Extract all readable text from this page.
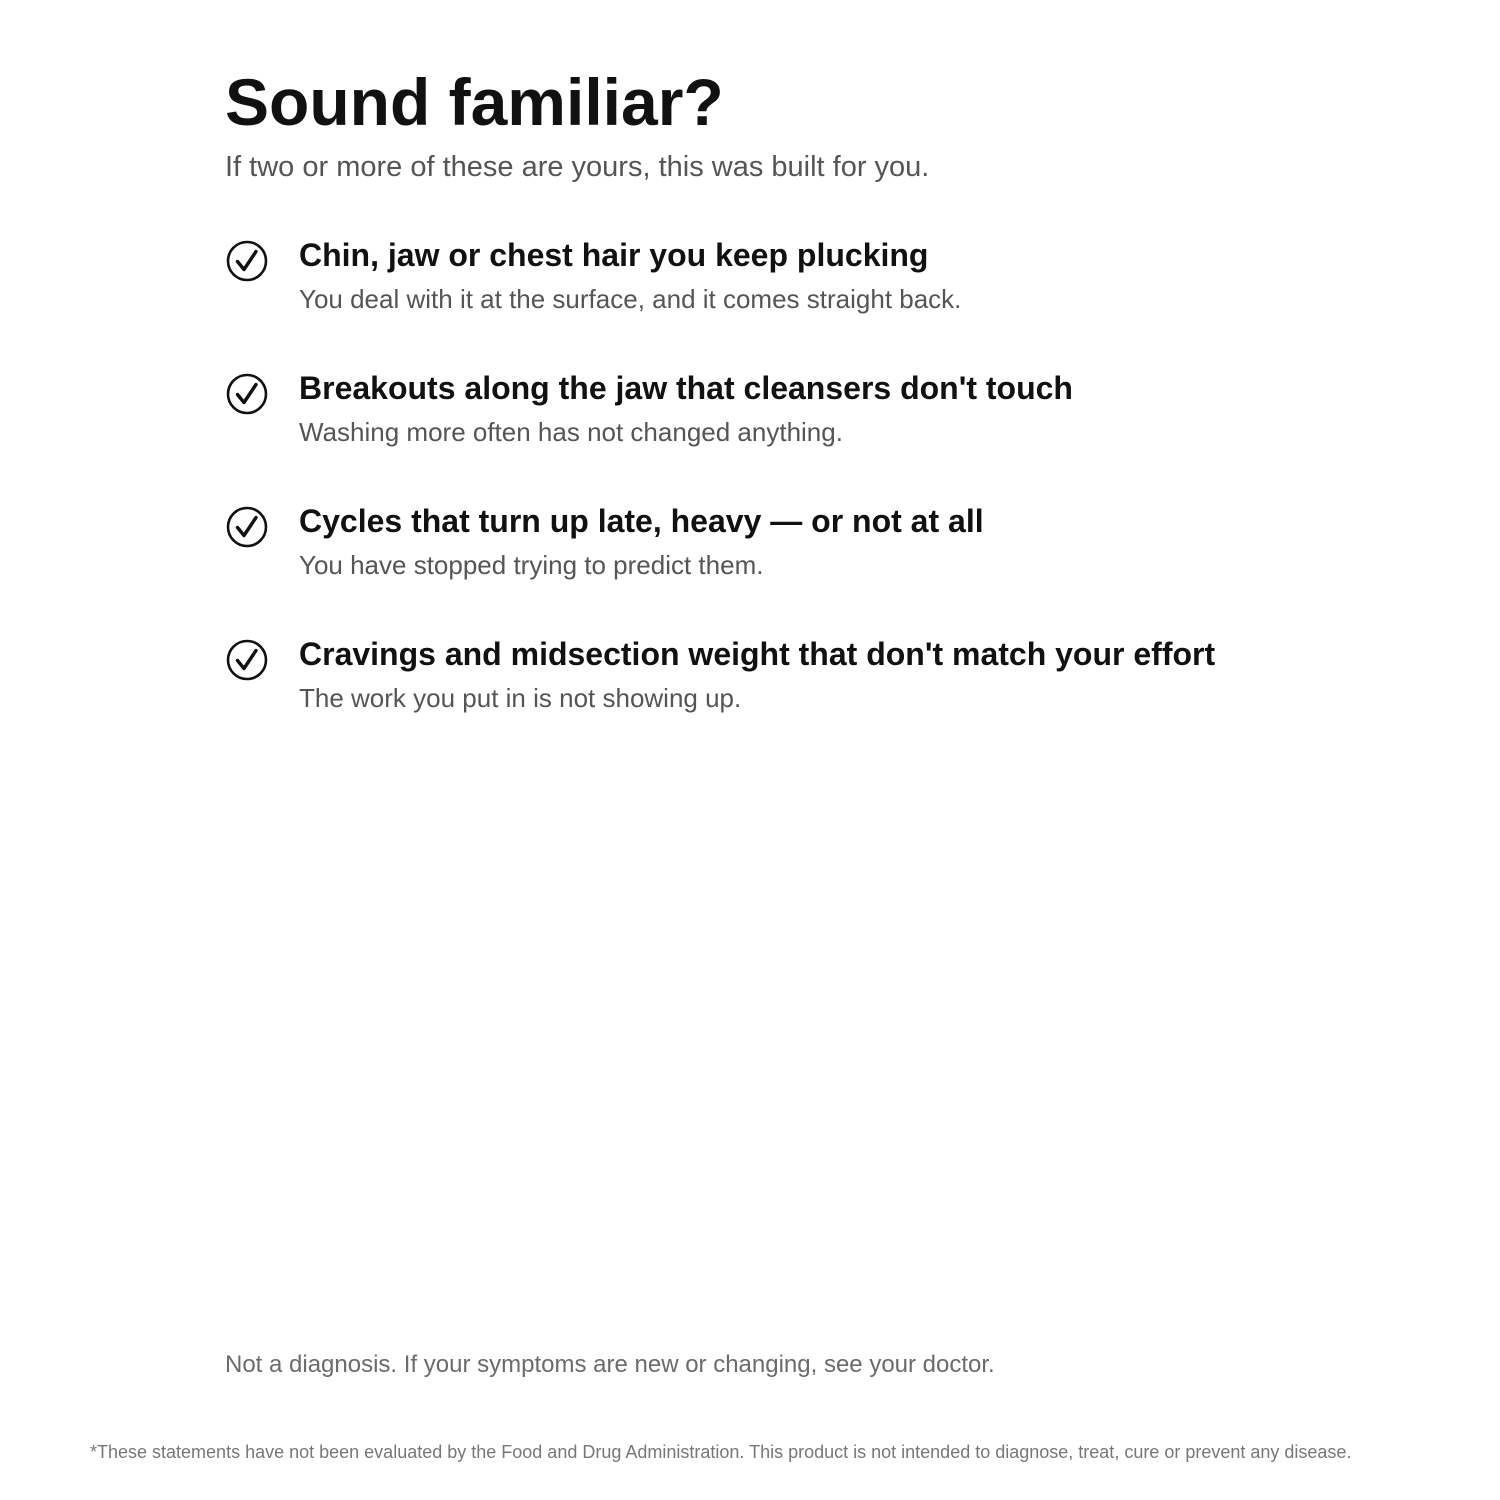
Sound familiar?

If two or more of these are yours, this was built for you.

Chin, jaw or chest hair you keep plucking
You deal with it at the surface, and it comes straight back.
Breakouts along the jaw that cleansers don't touch
Washing more often has not changed anything.
Cycles that turn up late, heavy — or not at all
You have stopped trying to predict them.
Cravings and midsection weight that don't match your effort
The work you put in is not showing up.

Not a diagnosis. If your symptoms are new or changing, see your doctor.

*These statements have not been evaluated by the Food and Drug Administration. This product is not intended to diagnose, treat, cure or prevent any disease.
